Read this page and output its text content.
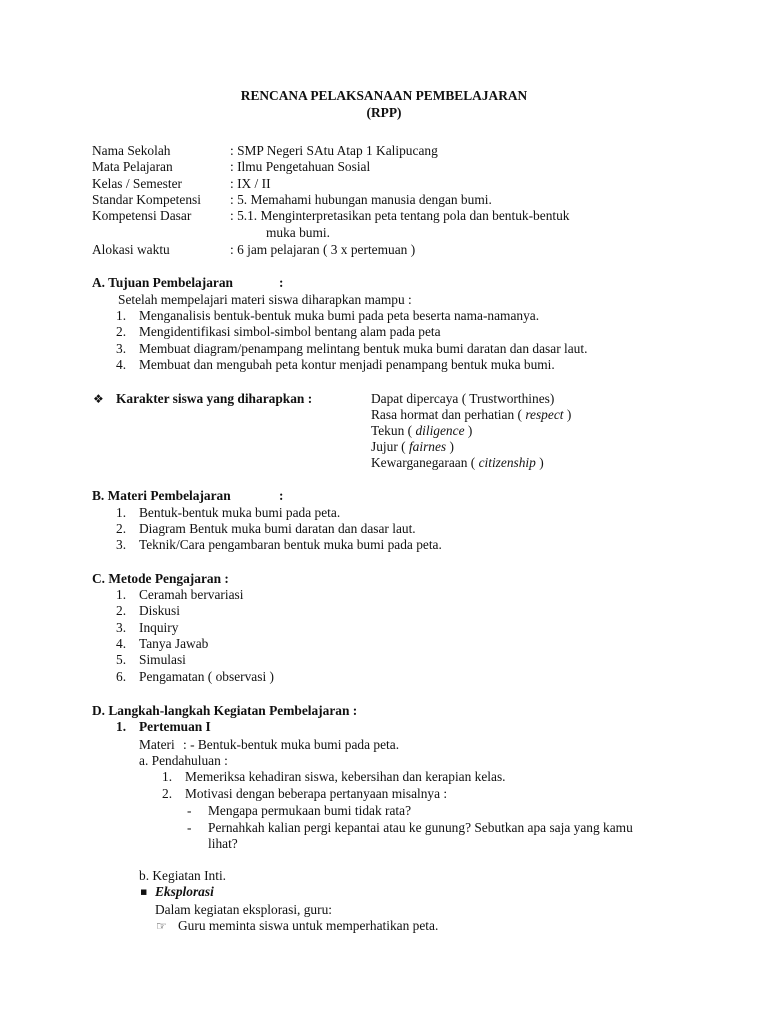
RENCANA PELAKSANAAN PEMBELAJARAN
(RPP)
Nama Sekolah	: SMP Negeri SAtu Atap 1 Kalipucang
Mata Pelajaran	: Ilmu Pengetahuan Sosial
Kelas / Semester	: IX / II
Standar Kompetensi : 5. Memahami hubungan manusia dengan bumi.
Kompetensi Dasar	: 5.1. Menginterpretasikan peta tentang pola dan bentuk-bentuk
muka bumi.
Alokasi waktu	: 6 jam pelajaran ( 3 x pertemuan )
A. Tujuan Pembelajaran	:
Setelah mempelajari materi siswa diharapkan mampu :
1. Menganalisis bentuk-bentuk muka bumi pada peta beserta nama-namanya.
2. Mengidentifikasi simbol-simbol bentang alam pada peta
3. Membuat diagram/penampang melintang bentuk muka bumi daratan dan dasar laut.
4. Membuat dan mengubah peta kontur menjadi penampang bentuk muka bumi.
❖ Karakter siswa yang diharapkan :	Dapat dipercaya ( Trustworthines)
Rasa hormat dan perhatian ( respect )
Tekun ( diligence )
Jujur ( fairnes )
Kewarganegaraan ( citizenship )
B. Materi Pembelajaran	:
1. Bentuk-bentuk muka bumi pada peta.
2. Diagram Bentuk muka bumi daratan dan dasar laut.
3. Teknik/Cara pengambaran bentuk muka bumi pada peta.
C. Metode Pengajaran :
1. Ceramah bervariasi
2. Diskusi
3. Inquiry
4. Tanya Jawab
5. Simulasi
6. Pengamatan ( observasi )
D. Langkah-langkah Kegiatan Pembelajaran :
1. Pertemuan I
Materi : - Bentuk-bentuk muka bumi pada peta.
a. Pendahuluan :
1. Memeriksa kehadiran siswa, kebersihan dan kerapian kelas.
2. Motivasi dengan beberapa pertanyaan misalnya :
- Mengapa permukaan bumi tidak rata?
- Pernahkah kalian pergi kepantai atau ke gunung? Sebutkan apa saja yang kamu
lihat?
b. Kegiatan Inti.
▪ Eksplorasi
Dalam kegiatan eksplorasi, guru:
☞ Guru meminta siswa untuk memperhatikan peta.
